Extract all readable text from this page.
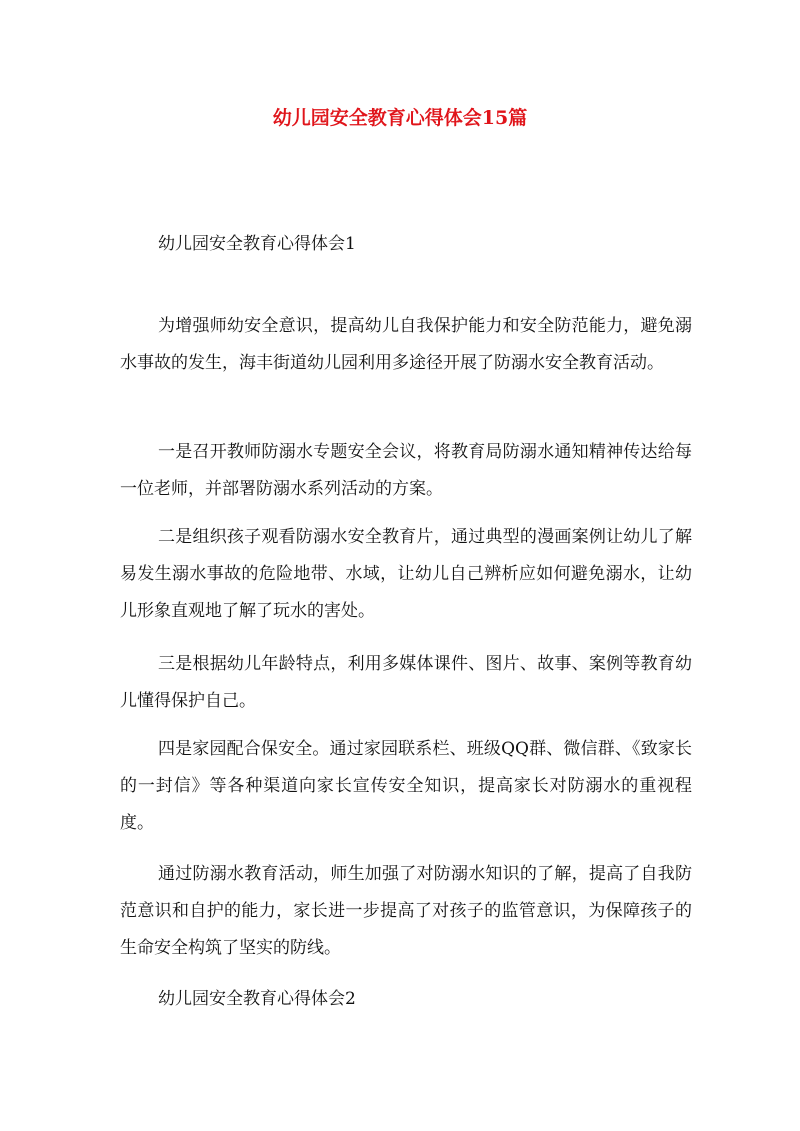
幼儿园安全教育心得体会15篇
幼儿园安全教育心得体会1
为增强师幼安全意识，提高幼儿自我保护能力和安全防范能力，避免溺水事故的发生，海丰街道幼儿园利用多途径开展了防溺水安全教育活动。
一是召开教师防溺水专题安全会议，将教育局防溺水通知精神传达给每一位老师，并部署防溺水系列活动的方案。
二是组织孩子观看防溺水安全教育片，通过典型的漫画案例让幼儿了解易发生溺水事故的危险地带、水域，让幼儿自己辨析应如何避免溺水，让幼儿形象直观地了解了玩水的害处。
三是根据幼儿年龄特点，利用多媒体课件、图片、故事、案例等教育幼儿懂得保护自己。
四是家园配合保安全。通过家园联系栏、班级QQ群、微信群、《致家长的一封信》等各种渠道向家长宣传安全知识，提高家长对防溺水的重视程度。
通过防溺水教育活动，师生加强了对防溺水知识的了解，提高了自我防范意识和自护的能力，家长进一步提高了对孩子的监管意识，为保障孩子的生命安全构筑了坚实的防线。
幼儿园安全教育心得体会2
